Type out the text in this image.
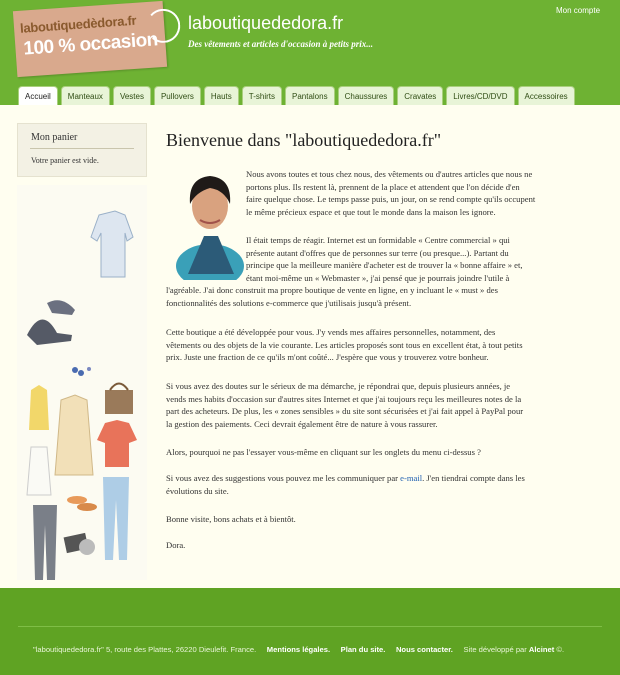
laboutiquedèdora.fr
100 % occasion
laboutiquededora.fr
Des vêtements et articles d'occasion à petits prix...
Mon compte
Accueil	Manteaux	Vestes	Pullovers	Hauts	T-shirts	Pantalons	Chaussures	Cravates	Livres/CD/DVD	Accessoires
Mon panier
Votre panier est vide.
Bienvenue dans "laboutiquededora.fr"

Nous avons toutes et tous chez nous, des vêtements ou d'autres articles que nous ne

portons plus. Ils restent là, prennent de la place et attendent que l'on décide d'en

faire quelque chose. Le temps passe puis, un jour, on se rend compte qu'ils occupent

le même précieux espace et que tout le monde dans la maison les ignore.

Il était temps de réagir. Internet est un formidable « Centre commercial » qui

présente autant d'offres que de personnes sur terre (ou presque...). Partant du

principe que la meilleure manière d'acheter est de trouver la « bonne affaire » et,

étant moi-même un « Webmaster », j'ai pensé que je pourrais joindre l'utile à

l'agréable. J'ai donc construit ma propre boutique de vente en ligne, en y incluant le « must » des

fonctionnalités des solutions e-commerce que j'utilisais jusqu'à présent.

Cette boutique a été développée pour vous. J'y vends mes affaires personnelles, notamment, des

vêtements ou des objets de la vie courante. Les articles proposés sont tous en excellent état, à tout petits

prix. Juste une fraction de ce qu'ils m'ont coûté... J'espère que vous y trouverez votre bonheur.

Si vous avez des doutes sur le sérieux de ma démarche, je répondrai que, depuis plusieurs années, je

vends mes habits d'occasion sur d'autres sites Internet et que j'ai toujours reçu les meilleures notes de la

part des acheteurs. De plus, les « zones sensibles » du site sont sécurisées et j'ai fait appel à PayPal pour

la gestion des paiements. Ceci devrait également être de nature à vous rassurer.

Alors, pourquoi ne pas l'essayer vous-même en cliquant sur les onglets du menu ci-dessus ?

Si vous avez des suggestions vous pouvez me les communiquer par e-mail. J'en tiendrai compte dans les

évolutions du site.

Bonne visite, bons achats et à bientôt.

Dora.

"laboutiquededora.fr" 5, route des Plattes, 26220 Dieulefit. France. Mentions légales. Plan du site. Nous contacter. Site développé par Alcinet ©.
